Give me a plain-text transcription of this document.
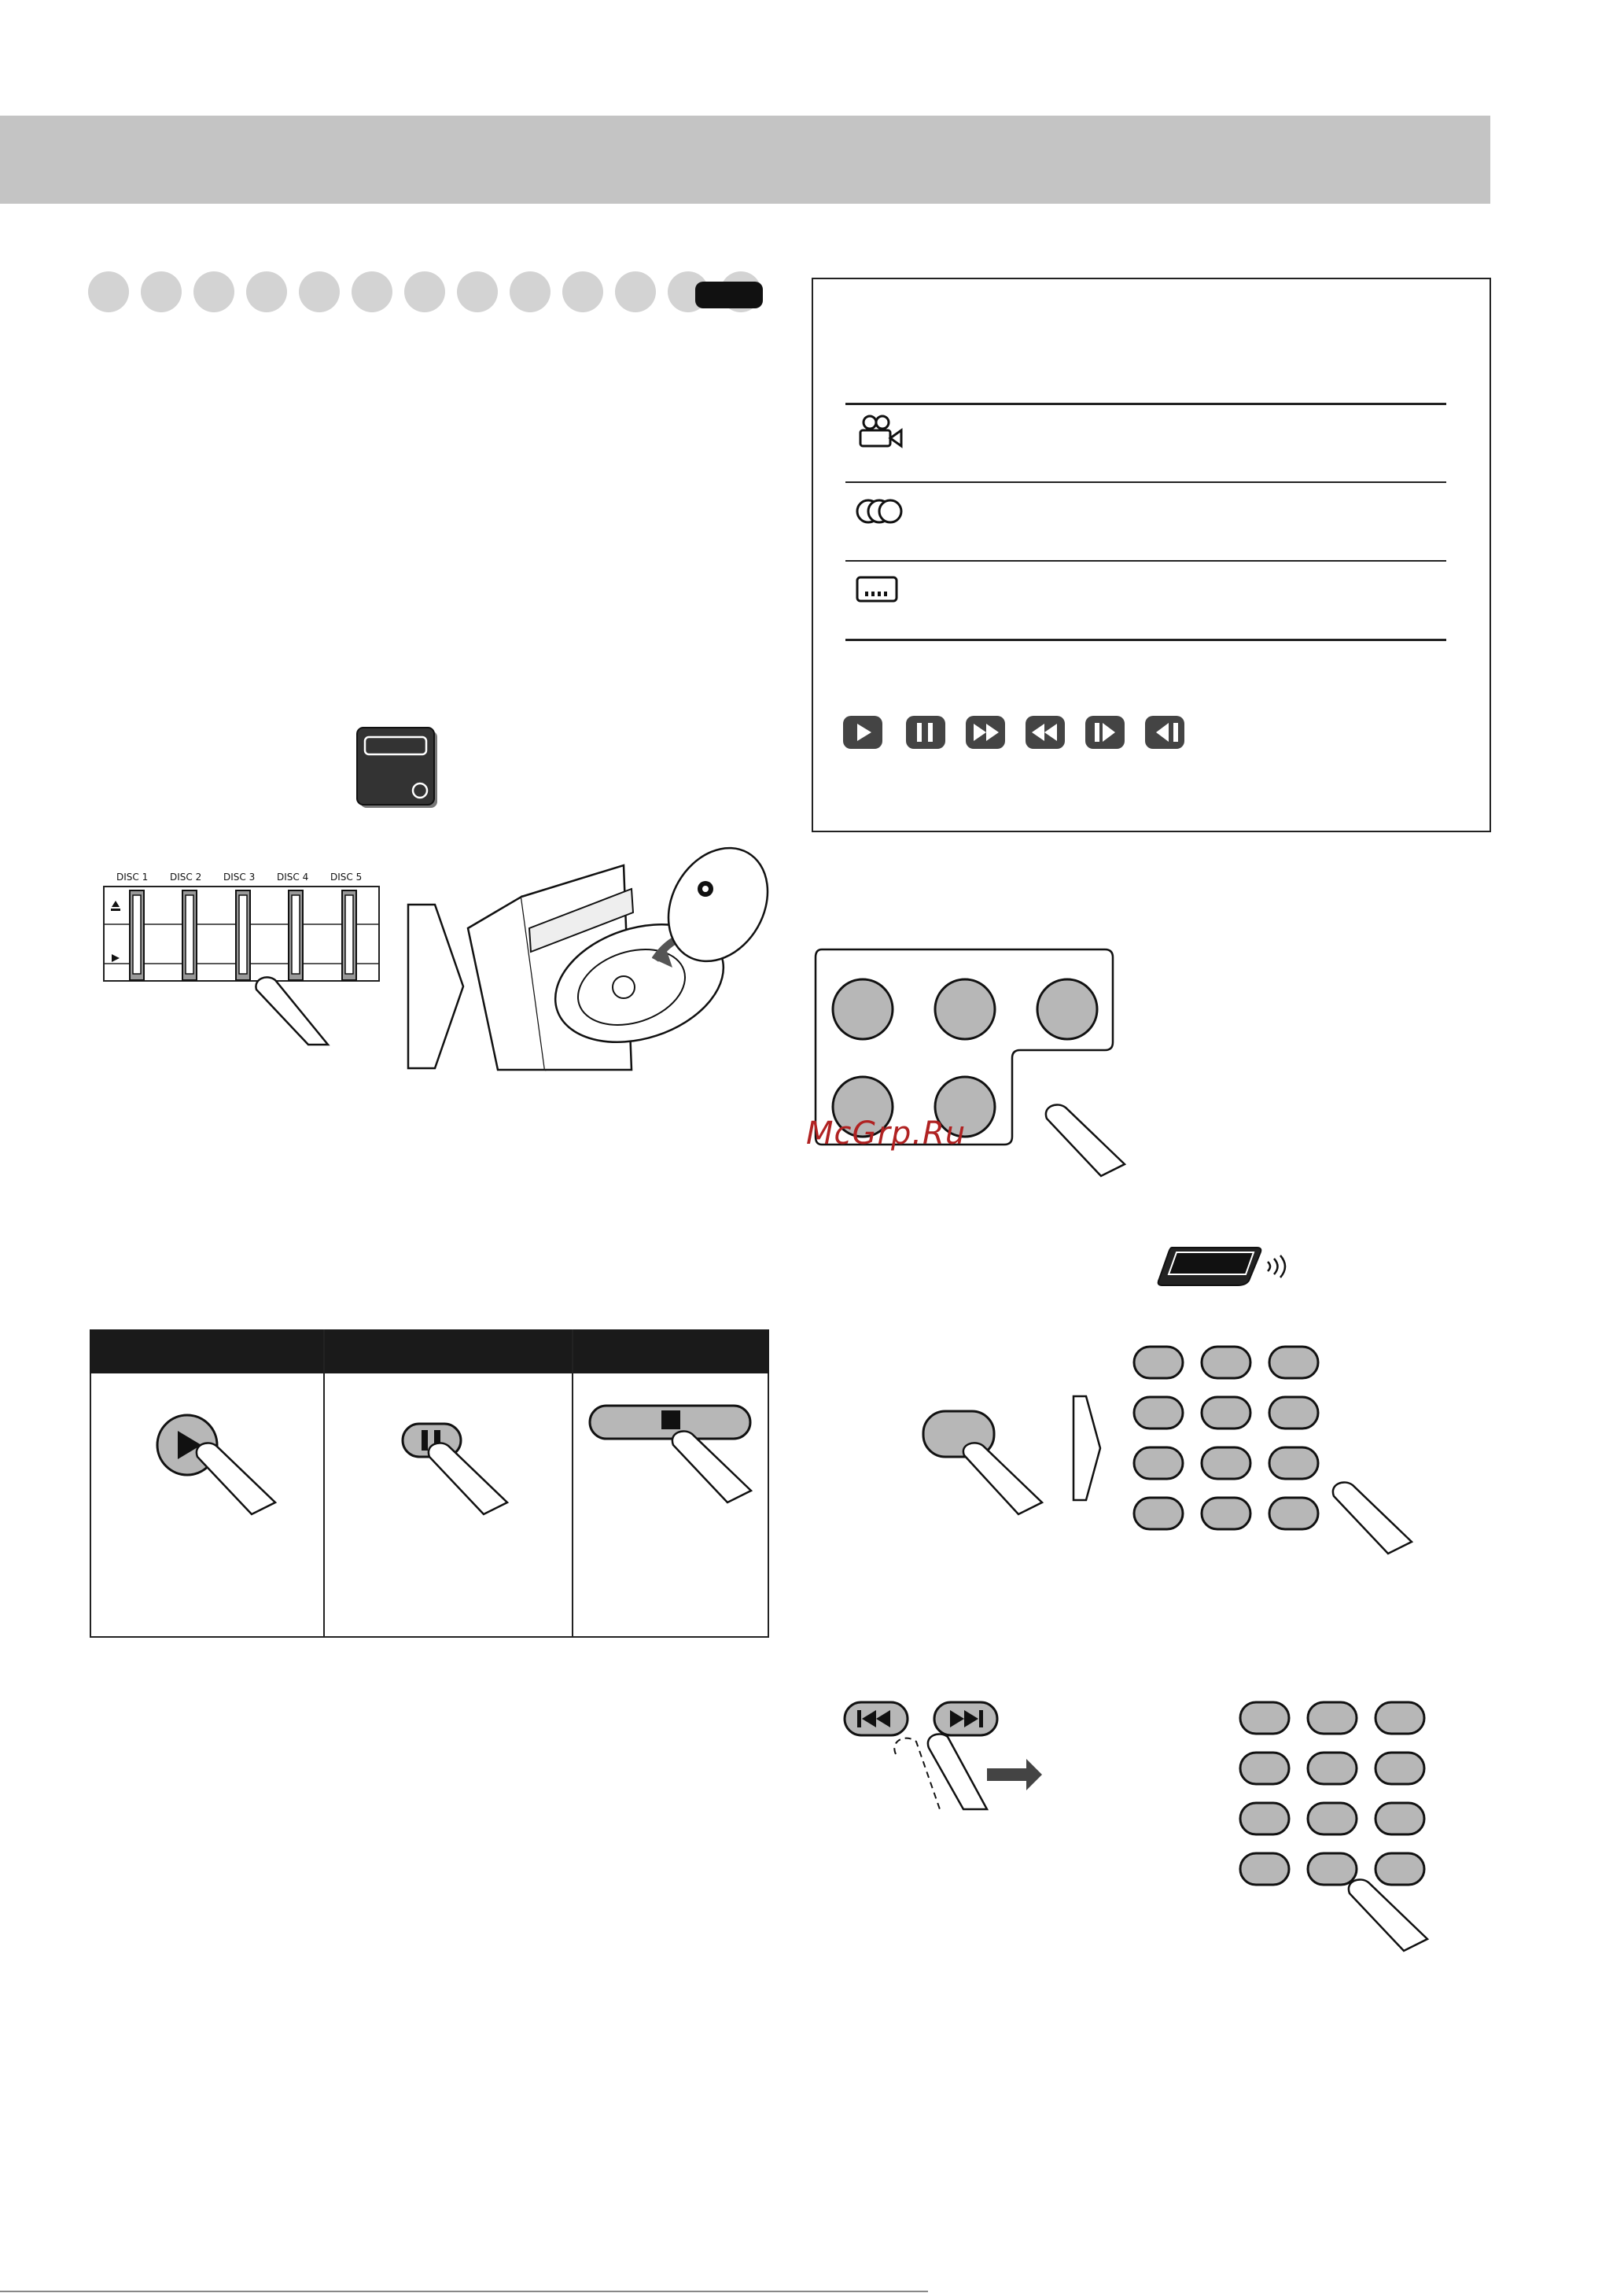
DISC 1 DISC 2 DISC 3 DISC 4 DISC 5
McGrp.Ru
